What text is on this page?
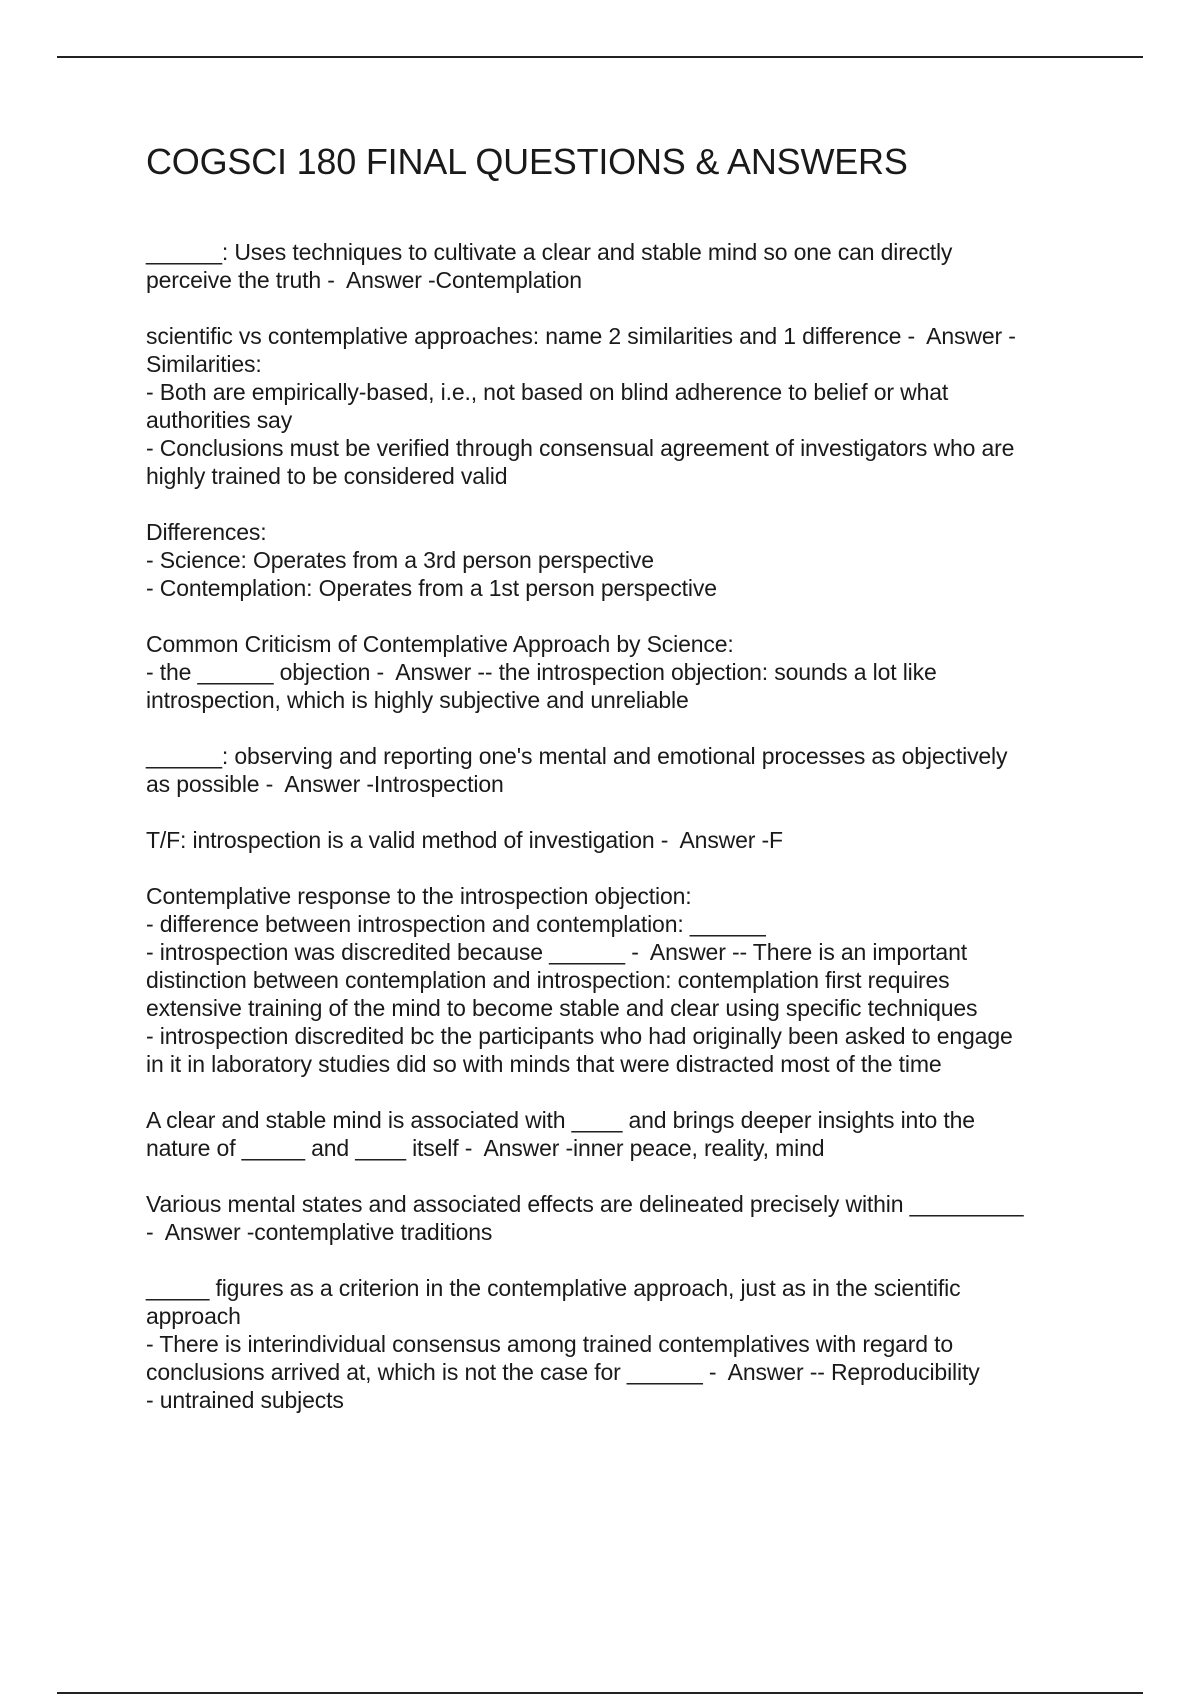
COGSCI 180 FINAL QUESTIONS & ANSWERS

______: Uses techniques to cultivate a clear and stable mind so one can directly
perceive the truth -  Answer -Contemplation

scientific vs contemplative approaches: name 2 similarities and 1 difference -  Answer -
Similarities:
- Both are empirically-based, i.e., not based on blind adherence to belief or what
authorities say
- Conclusions must be verified through consensual agreement of investigators who are
highly trained to be considered valid

Differences:
- Science: Operates from a 3rd person perspective
- Contemplation: Operates from a 1st person perspective

Common Criticism of Contemplative Approach by Science:
- the ______ objection -  Answer -- the introspection objection: sounds a lot like
introspection, which is highly subjective and unreliable

______: observing and reporting one's mental and emotional processes as objectively
as possible -  Answer -Introspection

T/F: introspection is a valid method of investigation -  Answer -F

Contemplative response to the introspection objection:
- difference between introspection and contemplation: ______
- introspection was discredited because ______ -  Answer -- There is an important
distinction between contemplation and introspection: contemplation first requires
extensive training of the mind to become stable and clear using specific techniques
- introspection discredited bc the participants who had originally been asked to engage
in it in laboratory studies did so with minds that were distracted most of the time

A clear and stable mind is associated with ____ and brings deeper insights into the
nature of _____ and ____ itself -  Answer -inner peace, reality, mind

Various mental states and associated effects are delineated precisely within _________
-  Answer -contemplative traditions

_____ figures as a criterion in the contemplative approach, just as in the scientific
approach
- There is interindividual consensus among trained contemplatives with regard to
conclusions arrived at, which is not the case for ______ -  Answer -- Reproducibility
- untrained subjects
